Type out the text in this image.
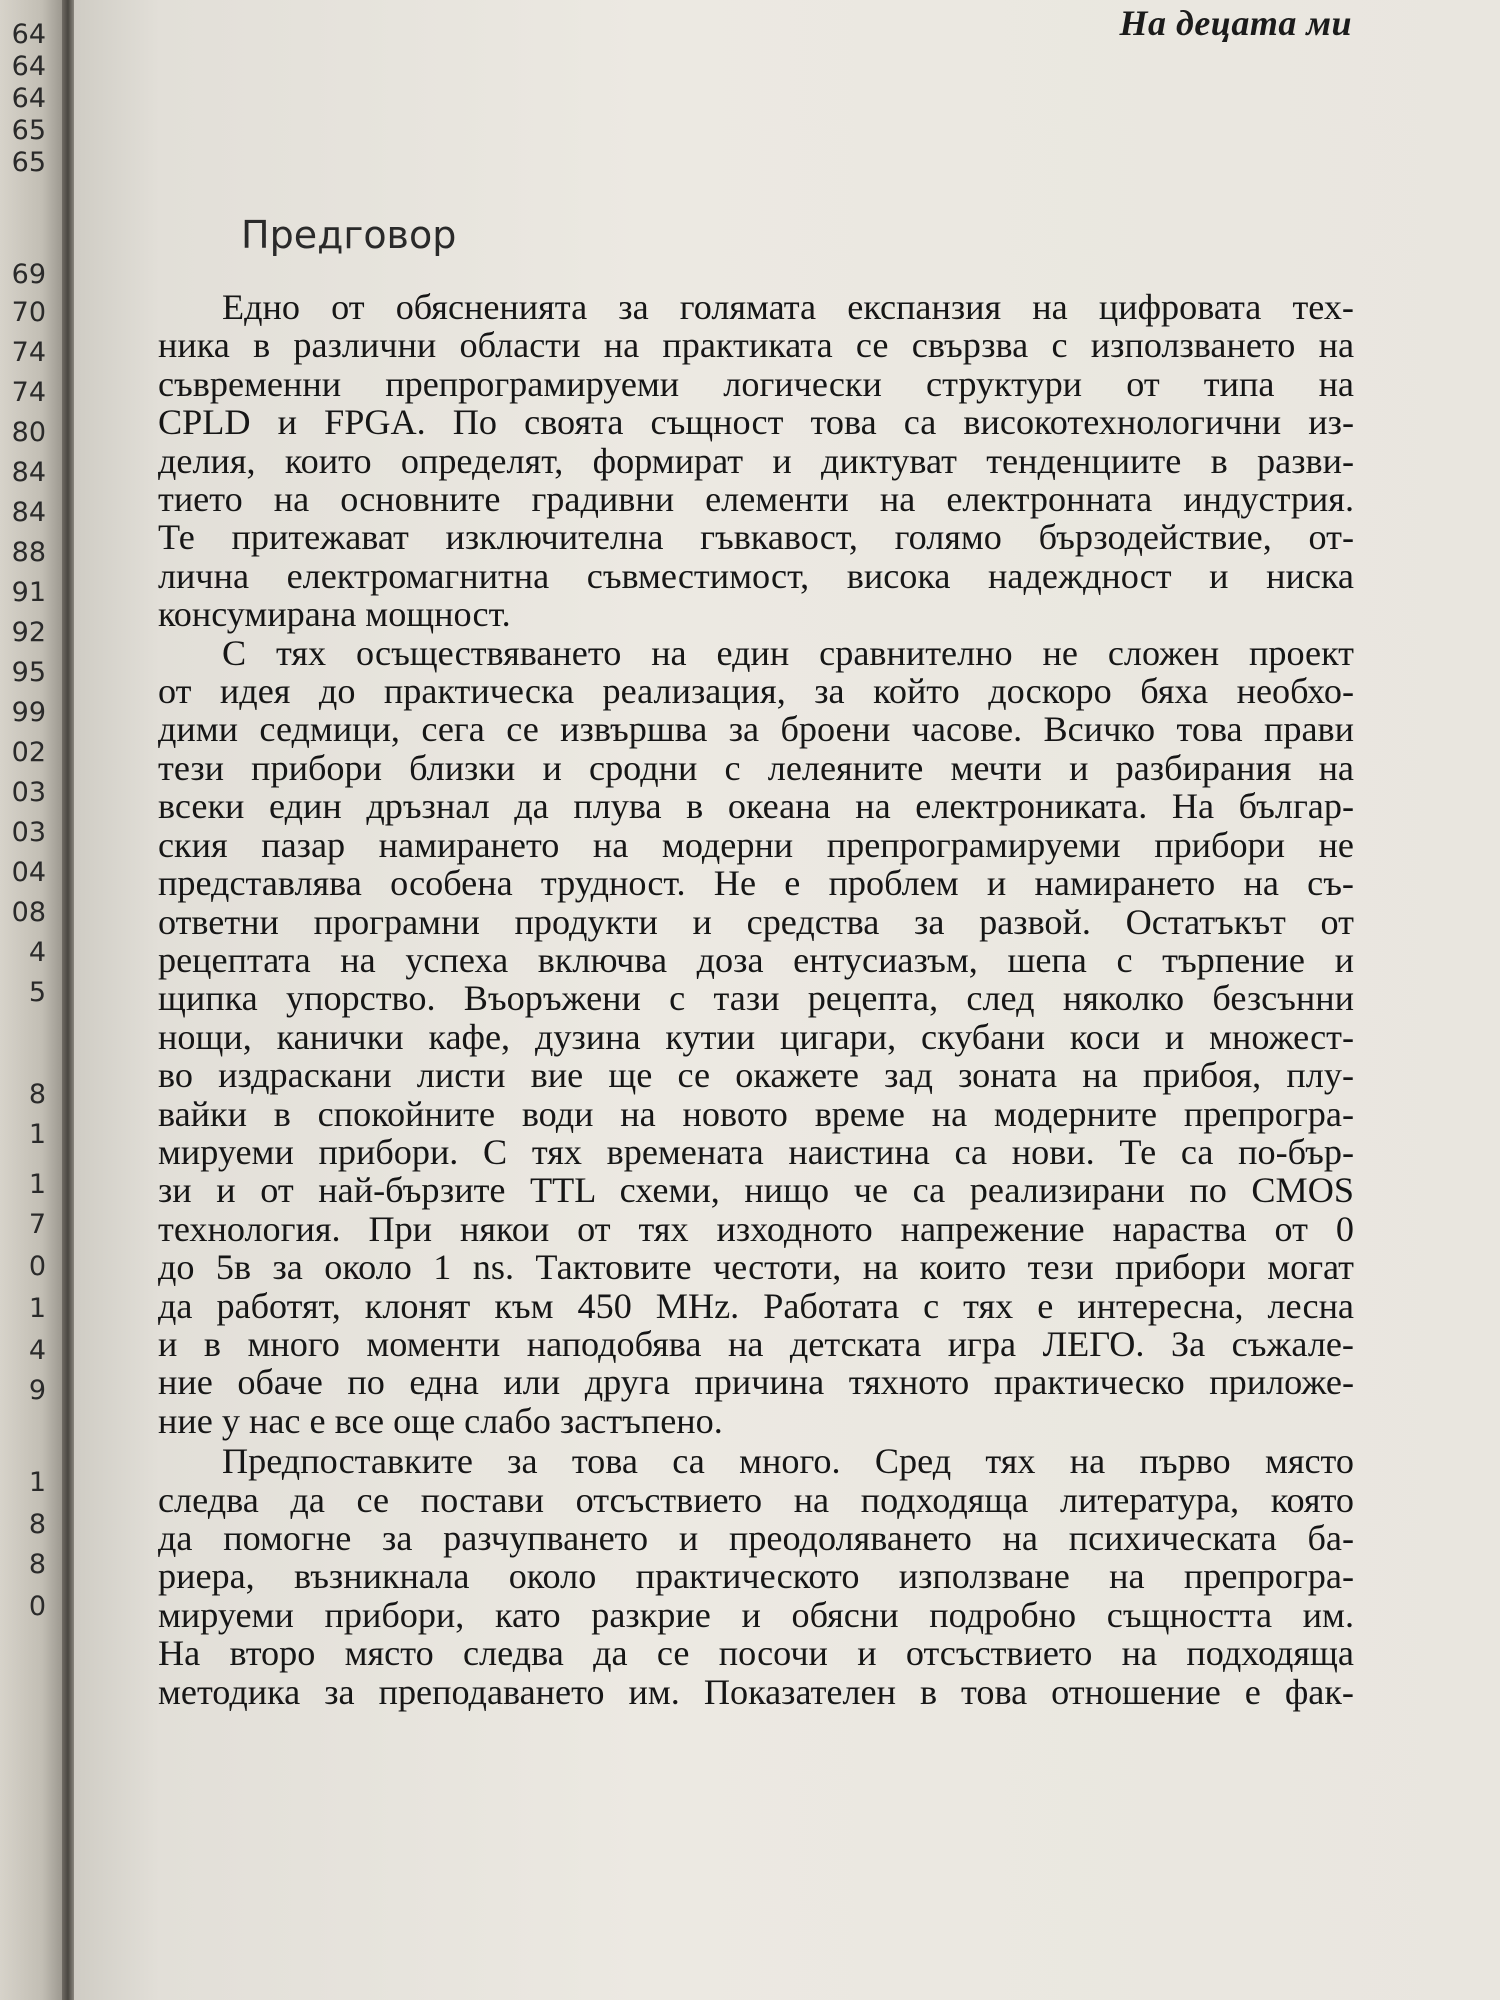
64
64
64
65
65
69
70
74
74
80
84
84
88
91
92
95
99
02
03
03
04
08
4
5
8
1
1
7
0
1
4
9
1
8
8
0
На децата ми
Предговор

Едно от обясненията за голямата експанзия на цифровата тех-
ника в различни области на практиката се свързва с използването на
съвременни препрограмируеми логически структури от типа на
CPLD и FPGA. По своята същност това са високотехнологични из-
делия, които определят, формират и диктуват тенденциите в разви-
тието на основните градивни елементи на електронната индустрия.
Те притежават изключителна гъвкавост, голямо бързодействие, от-
лична електромагнитна съвместимост, висока надеждност и ниска
консумирана мощност.

С тях осъществяването на един сравнително не сложен проект
от идея до практическа реализация, за който доскоро бяха необхо-
дими седмици, сега се извършва за броени часове. Всичко това прави
тези прибори близки и сродни с лелеяните мечти и разбирания на
всеки един дръзнал да плува в океана на електрониката. На българ-
ския пазар намирането на модерни препрограмируеми прибори не
представлява особена трудност. Не е проблем и намирането на съ-
ответни програмни продукти и средства за развой. Остатъкът от
рецептата на успеха включва доза ентусиазъм, шепа с търпение и
щипка упорство. Въоръжени с тази рецепта, след няколко безсънни
нощи, канички кафе, дузина кутии цигари, скубани коси и множест-
во издраскани листи вие ще се окажете зад зоната на прибоя, плу-
вайки в спокойните води на новото време на модерните препрогра-
мируеми прибори. С тях времената наистина са нови. Те са по-бър-
зи и от най-бързите TTL схеми, нищо че са реализирани по CMOS
технология. При някои от тях изходното напрежение нараства от 0
до 5в за около 1 ns. Тактовите честоти, на които тези прибори могат
да работят, клонят към 450 MHz. Работата с тях е интересна, лесна
и в много моменти наподобява на детската игра ЛЕГО. За съжале-
ние обаче по една или друга причина тяхното практическо приложе-
ние у нас е все още слабо застъпено.

Предпоставките за това са много. Сред тях на първо място
следва да се постави отсъствието на подходяща литература, която
да помогне за разчупването и преодоляването на психическата ба-
риера, възникнала около практическото използване на препрогра-
мируеми прибори, като разкрие и обясни подробно същността им.
На второ място следва да се посочи и отсъствието на подходяща
методика за преподаването им. Показателен в това отношение е фак-
